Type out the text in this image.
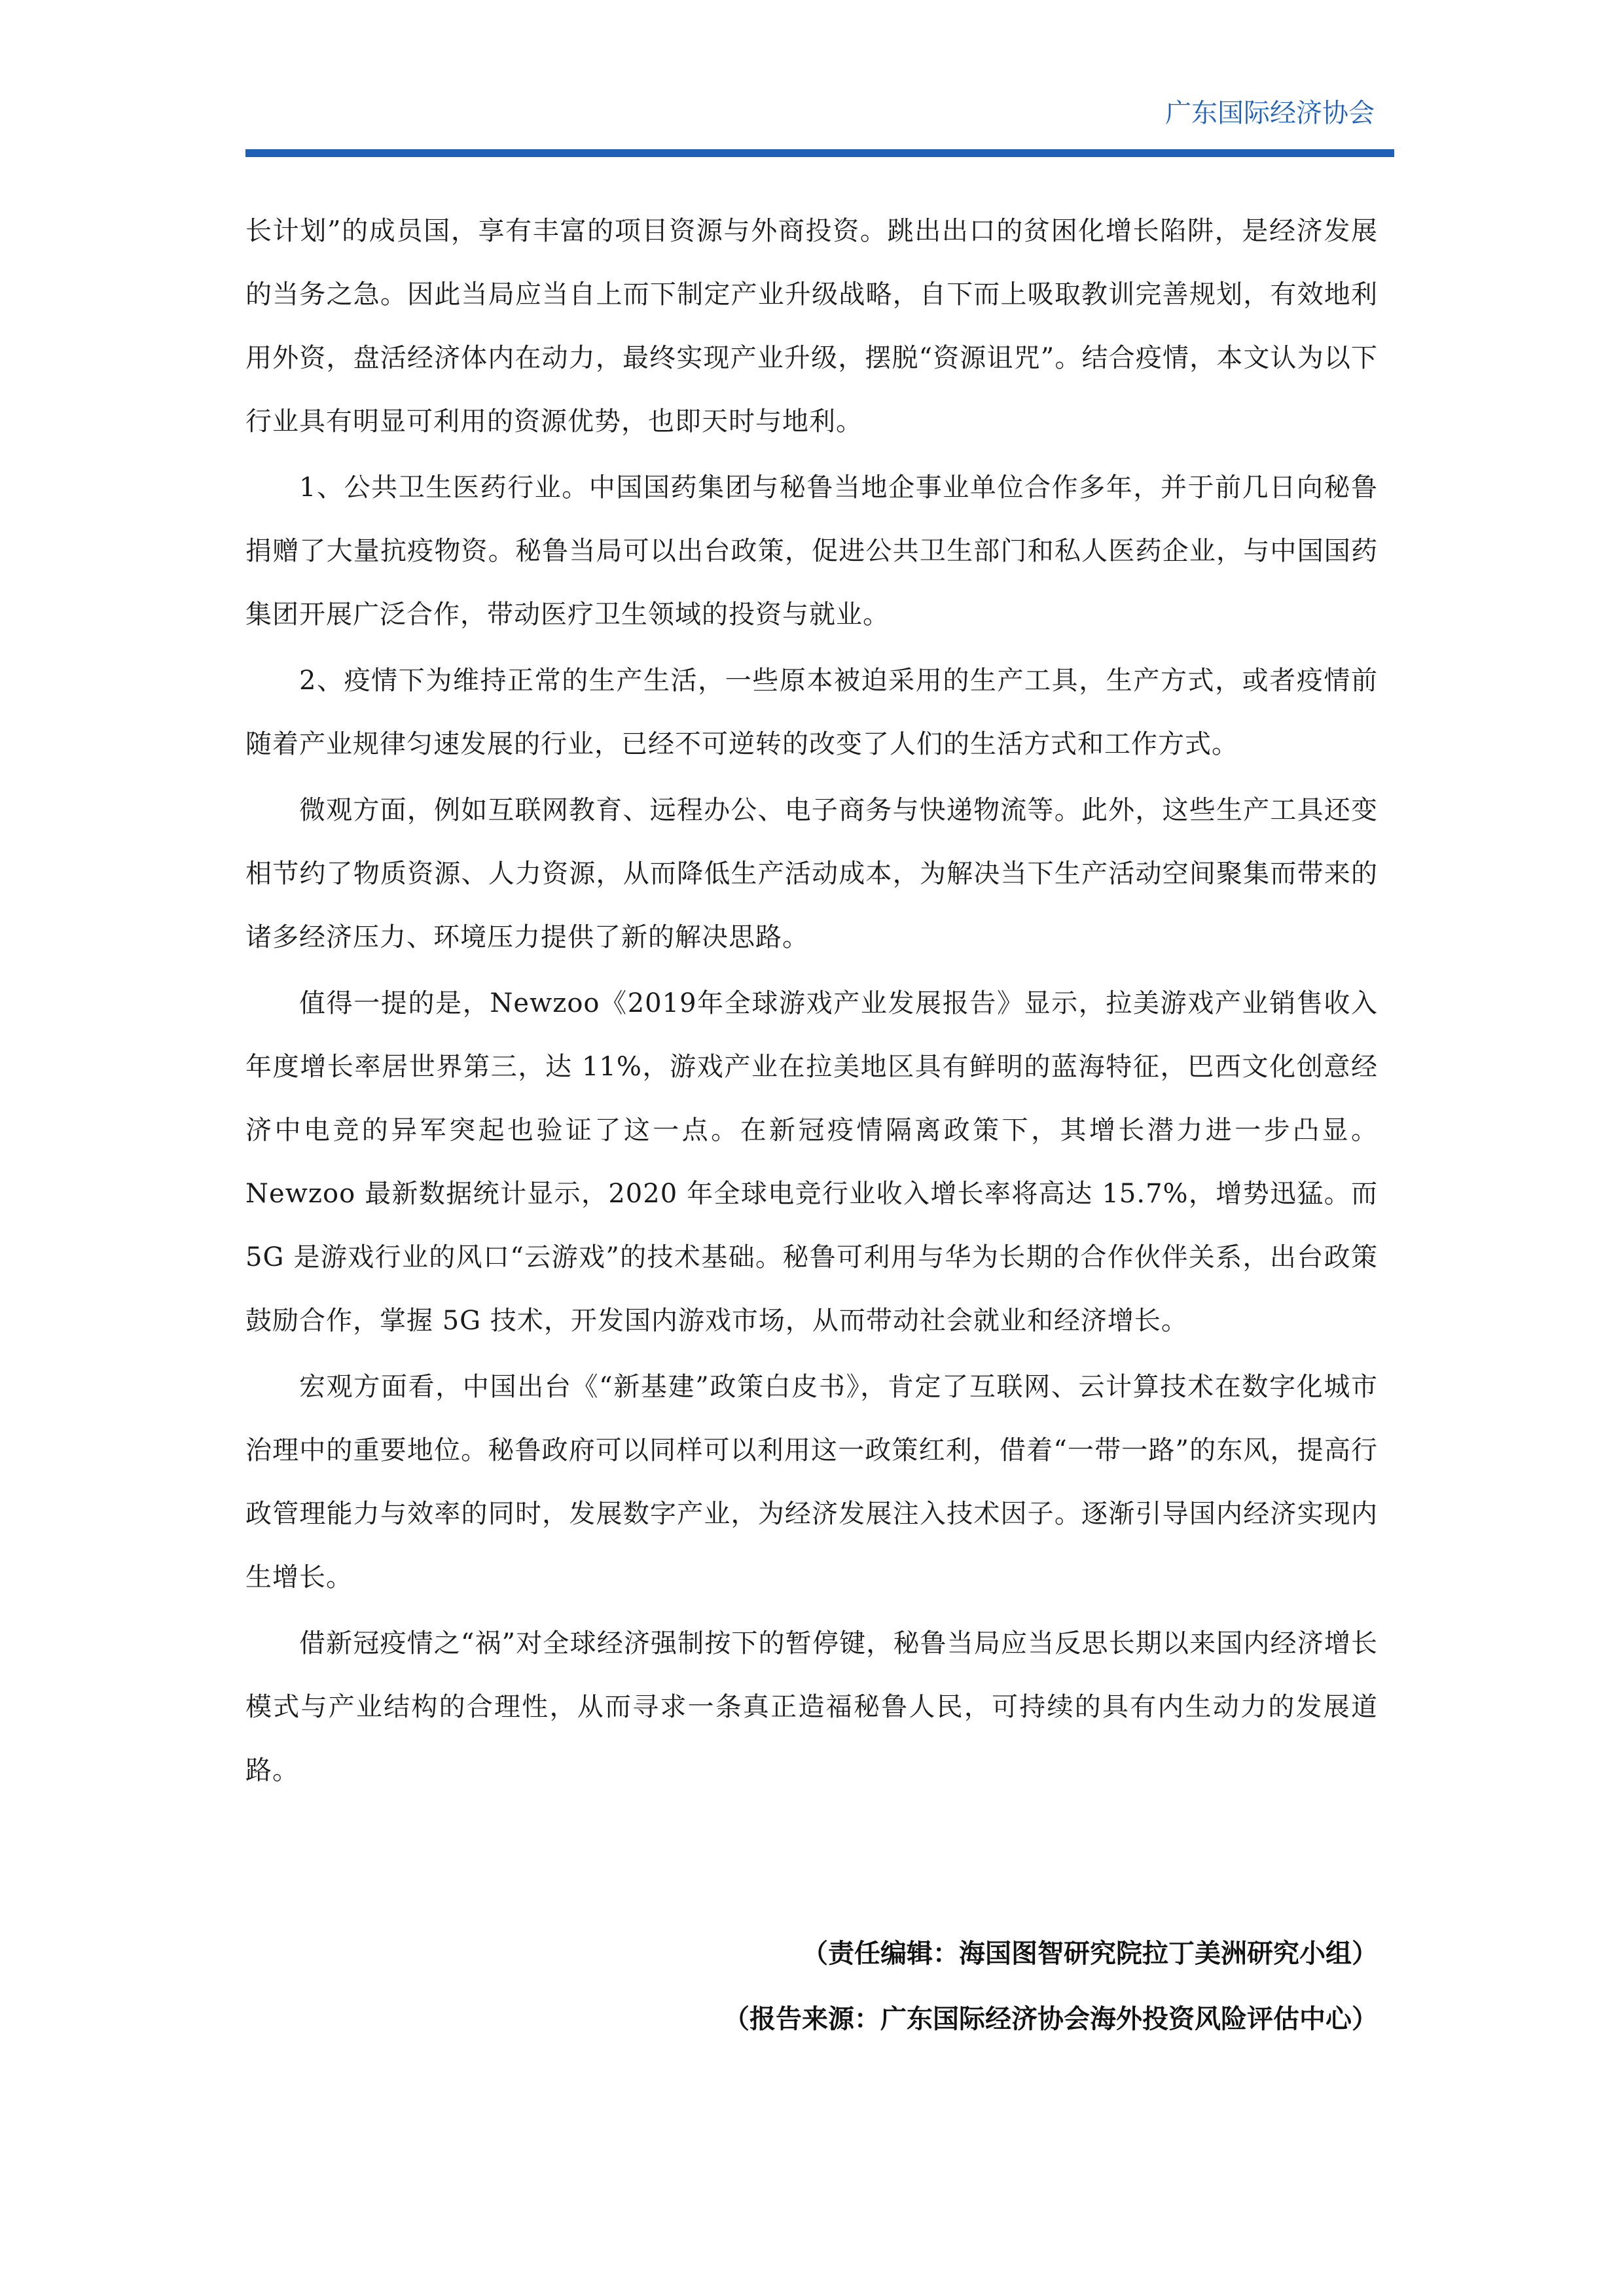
广东国际经济协会

长计划”的成员国，享有丰富的项目资源与外商投资。跳出出口的贫困化增长陷阱，是经济发展的当务之急。因此当局应当自上而下制定产业升级战略，自下而上吸取教训完善规划，有效地利用外资，盘活经济体内在动力，最终实现产业升级，摆脱“资源诅咒”。结合疫情，本文认为以下行业具有明显可利用的资源优势，也即天时与地利。

1、公共卫生医药行业。中国国药集团与秘鲁当地企事业单位合作多年，并于前几日向秘鲁捐赠了大量抗疫物资。秘鲁当局可以出台政策，促进公共卫生部门和私人医药企业，与中国国药集团开展广泛合作，带动医疗卫生领域的投资与就业。

2、疫情下为维持正常的生产生活，一些原本被迫采用的生产工具，生产方式，或者疫情前随着产业规律匀速发展的行业，已经不可逆转的改变了人们的生活方式和工作方式。

微观方面，例如互联网教育、远程办公、电子商务与快递物流等。此外，这些生产工具还变相节约了物质资源、人力资源，从而降低生产活动成本，为解决当下生产活动空间聚集而带来的诸多经济压力、环境压力提供了新的解决思路。

值得一提的是，Newzoo《2019年全球游戏产业发展报告》显示，拉美游戏产业销售收入年度增长率居世界第三，达 11%，游戏产业在拉美地区具有鲜明的蓝海特征，巴西文化创意经济中电竞的异军突起也验证了这一点。在新冠疫情隔离政策下，其增长潜力进一步凸显。Newzoo 最新数据统计显示，2020 年全球电竞行业收入增长率将高达 15.7%，增势迅猛。而 5G 是游戏行业的风口“云游戏”的技术基础。秘鲁可利用与华为长期的合作伙伴关系，出台政策鼓励合作，掌握 5G 技术，开发国内游戏市场，从而带动社会就业和经济增长。

宏观方面看，中国出台《“新基建”政策白皮书》，肯定了互联网、云计算技术在数字化城市治理中的重要地位。秘鲁政府可以同样可以利用这一政策红利，借着“一带一路”的东风，提高行政管理能力与效率的同时，发展数字产业，为经济发展注入技术因子。逐渐引导国内经济实现内生增长。

借新冠疫情之“祸”对全球经济强制按下的暂停键，秘鲁当局应当反思长期以来国内经济增长模式与产业结构的合理性，从而寻求一条真正造福秘鲁人民，可持续的具有内生动力的发展道路。

（责任编辑：海国图智研究院拉丁美洲研究小组）
（报告来源：广东国际经济协会海外投资风险评估中心）
